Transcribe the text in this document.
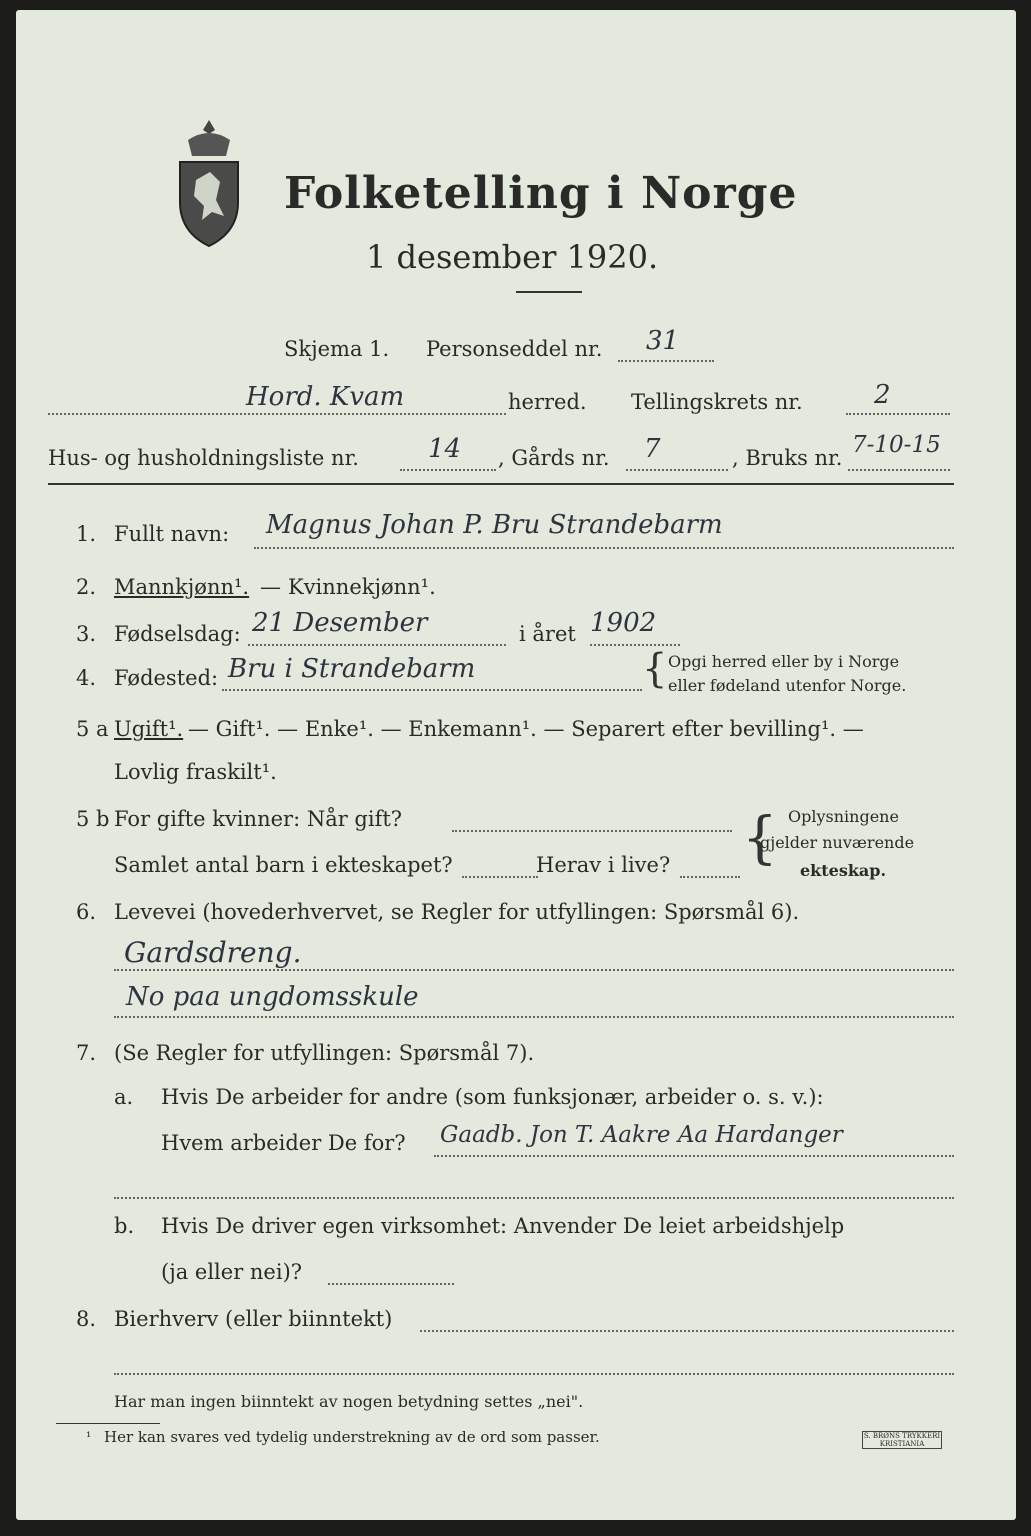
Folketelling i Norge
1 desember 1920.
Skjema 1. Personseddel nr. 31
Hord. Kvam	herred. Tellingskrets nr.	2
Hus- og husholdningsliste nr.	14 , Gårds nr. 7	, Bruks nr. 7-10-15
1. Fullt navn: Magnus Johan P. Bru Strandebarm
2. Mannkjønn¹. — Kvinnekjønn¹.
3. Fødselsdag: 21 Desember	i året 1902
4. Fødested: Bru i Strandebarm	{ Opgi herred eller by i Norge
eller fødeland utenfor Norge.
5 a Ugift¹. — Gift¹. — Enke¹. — Enkemann¹. — Separert efter bevilling¹. —
Lovlig fraskilt¹.
5 b For gifte kvinner: Når gift?
Samlet antal barn i ekteskapet?	Herav i live? { Oplysningene
gjelder nuværende
ekteskap.
6. Levevei (hovederhvervet, se Regler for utfyllingen: Spørsmål 6).
Gardsdreng.
No paa ungdomsskule
7. (Se Regler for utfyllingen: Spørsmål 7).
a. Hvis De arbeider for andre (som funksjonær, arbeider o. s. v.):
Hvem arbeider De for? Gaadb. Jon T. Aakre Aa Hardanger
b. Hvis De driver egen virksomhet: Anvender De leiet arbeidshjelp
(ja eller nei)?
8. Bierhverv (eller biinntekt)
Har man ingen biinntekt av nogen betydning settes „nei".
¹ Her kan svares ved tydelig understrekning av de ord som passer.	S. BRØNS TRYKKERI KRISTIANIA
